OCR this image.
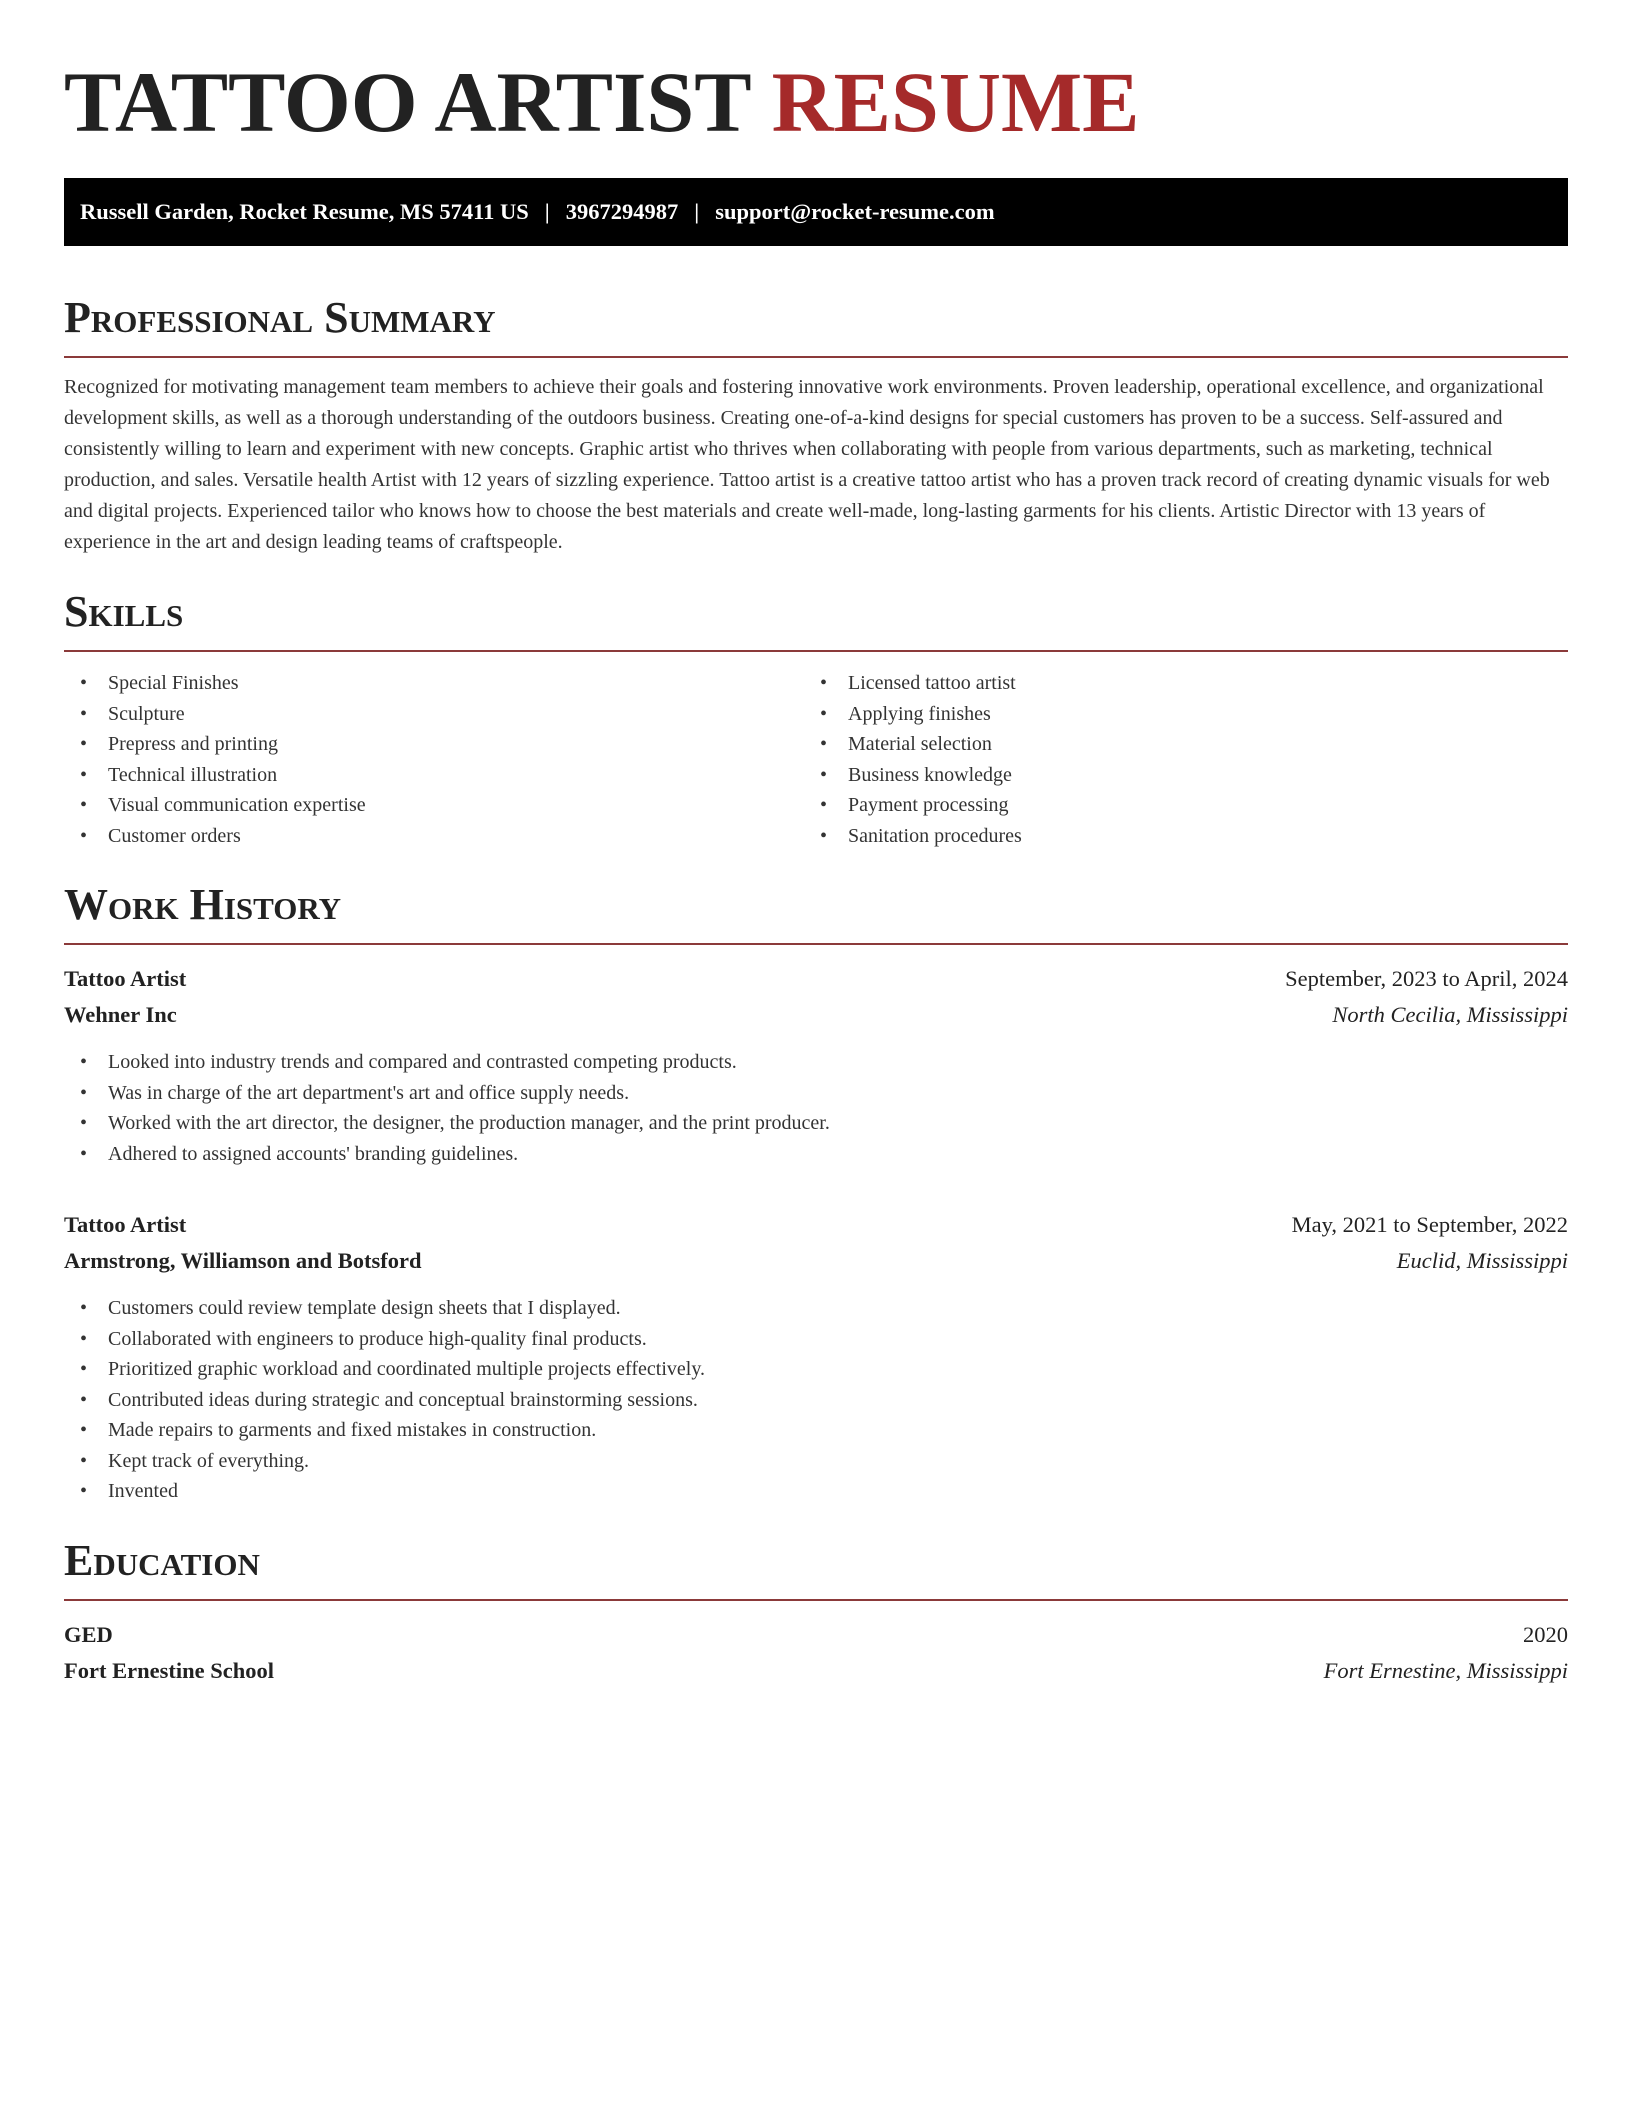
TATTOO ARTIST RESUME
Russell Garden, Rocket Resume, MS 57411 US | 3967294987 | support@rocket-resume.com
Professional Summary

Recognized for motivating management team members to achieve their goals and fostering innovative work environments. Proven leadership, operational excellence, and organizational development skills, as well as a thorough understanding of the outdoors business. Creating one-of-a-kind designs for special customers has proven to be a success. Self-assured and consistently willing to learn and experiment with new concepts. Graphic artist who thrives when collaborating with people from various departments, such as marketing, technical production, and sales. Versatile health Artist with 12 years of sizzling experience. Tattoo artist is a creative tattoo artist who has a proven track record of creating dynamic visuals for web and digital projects. Experienced tailor who knows how to choose the best materials and create well-made, long-lasting garments for his clients. Artistic Director with 13 years of experience in the art and design leading teams of craftspeople.

Skills
• Special Finishes
• Sculpture
• Prepress and printing
• Technical illustration
• Visual communication expertise
• Customer orders
• Licensed tattoo artist
• Applying finishes
• Material selection
• Business knowledge
• Payment processing
• Sanitation procedures
Work History
Tattoo Artist	September, 2023 to April, 2024
Wehner Inc	North Cecilia, Mississippi
• Looked into industry trends and compared and contrasted competing products.
• Was in charge of the art department's art and office supply needs.
• Worked with the art director, the designer, the production manager, and the print producer.
• Adhered to assigned accounts' branding guidelines.
Tattoo Artist	May, 2021 to September, 2022
Armstrong, Williamson and Botsford	Euclid, Mississippi
• Customers could review template design sheets that I displayed.
• Collaborated with engineers to produce high-quality final products.
• Prioritized graphic workload and coordinated multiple projects effectively.
• Contributed ideas during strategic and conceptual brainstorming sessions.
• Made repairs to garments and fixed mistakes in construction.
• Kept track of everything.
• Invented
Education
GED	2020
Fort Ernestine School	Fort Ernestine, Mississippi
